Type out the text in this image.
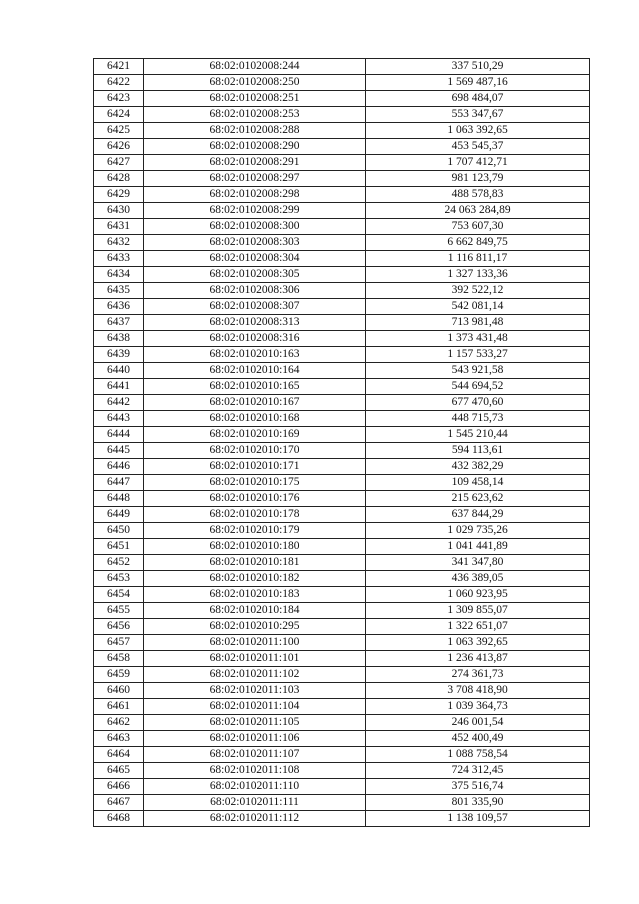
6421	68:02:0102008:244	337 510,29
6422	68:02:0102008:250	1 569 487,16
6423	68:02:0102008:251	698 484,07
6424	68:02:0102008:253	553 347,67
6425	68:02:0102008:288	1 063 392,65
6426	68:02:0102008:290	453 545,37
6427	68:02:0102008:291	1 707 412,71
6428	68:02:0102008:297	981 123,79
6429	68:02:0102008:298	488 578,83
6430	68:02:0102008:299	24 063 284,89
6431	68:02:0102008:300	753 607,30
6432	68:02:0102008:303	6 662 849,75
6433	68:02:0102008:304	1 116 811,17
6434	68:02:0102008:305	1 327 133,36
6435	68:02:0102008:306	392 522,12
6436	68:02:0102008:307	542 081,14
6437	68:02:0102008:313	713 981,48
6438	68:02:0102008:316	1 373 431,48
6439	68:02:0102010:163	1 157 533,27
6440	68:02:0102010:164	543 921,58
6441	68:02:0102010:165	544 694,52
6442	68:02:0102010:167	677 470,60
6443	68:02:0102010:168	448 715,73
6444	68:02:0102010:169	1 545 210,44
6445	68:02:0102010:170	594 113,61
6446	68:02:0102010:171	432 382,29
6447	68:02:0102010:175	109 458,14
6448	68:02:0102010:176	215 623,62
6449	68:02:0102010:178	637 844,29
6450	68:02:0102010:179	1 029 735,26
6451	68:02:0102010:180	1 041 441,89
6452	68:02:0102010:181	341 347,80
6453	68:02:0102010:182	436 389,05
6454	68:02:0102010:183	1 060 923,95
6455	68:02:0102010:184	1 309 855,07
6456	68:02:0102010:295	1 322 651,07
6457	68:02:0102011:100	1 063 392,65
6458	68:02:0102011:101	1 236 413,87
6459	68:02:0102011:102	274 361,73
6460	68:02:0102011:103	3 708 418,90
6461	68:02:0102011:104	1 039 364,73
6462	68:02:0102011:105	246 001,54
6463	68:02:0102011:106	452 400,49
6464	68:02:0102011:107	1 088 758,54
6465	68:02:0102011:108	724 312,45
6466	68:02:0102011:110	375 516,74
6467	68:02:0102011:111	801 335,90
6468	68:02:0102011:112	1 138 109,57
